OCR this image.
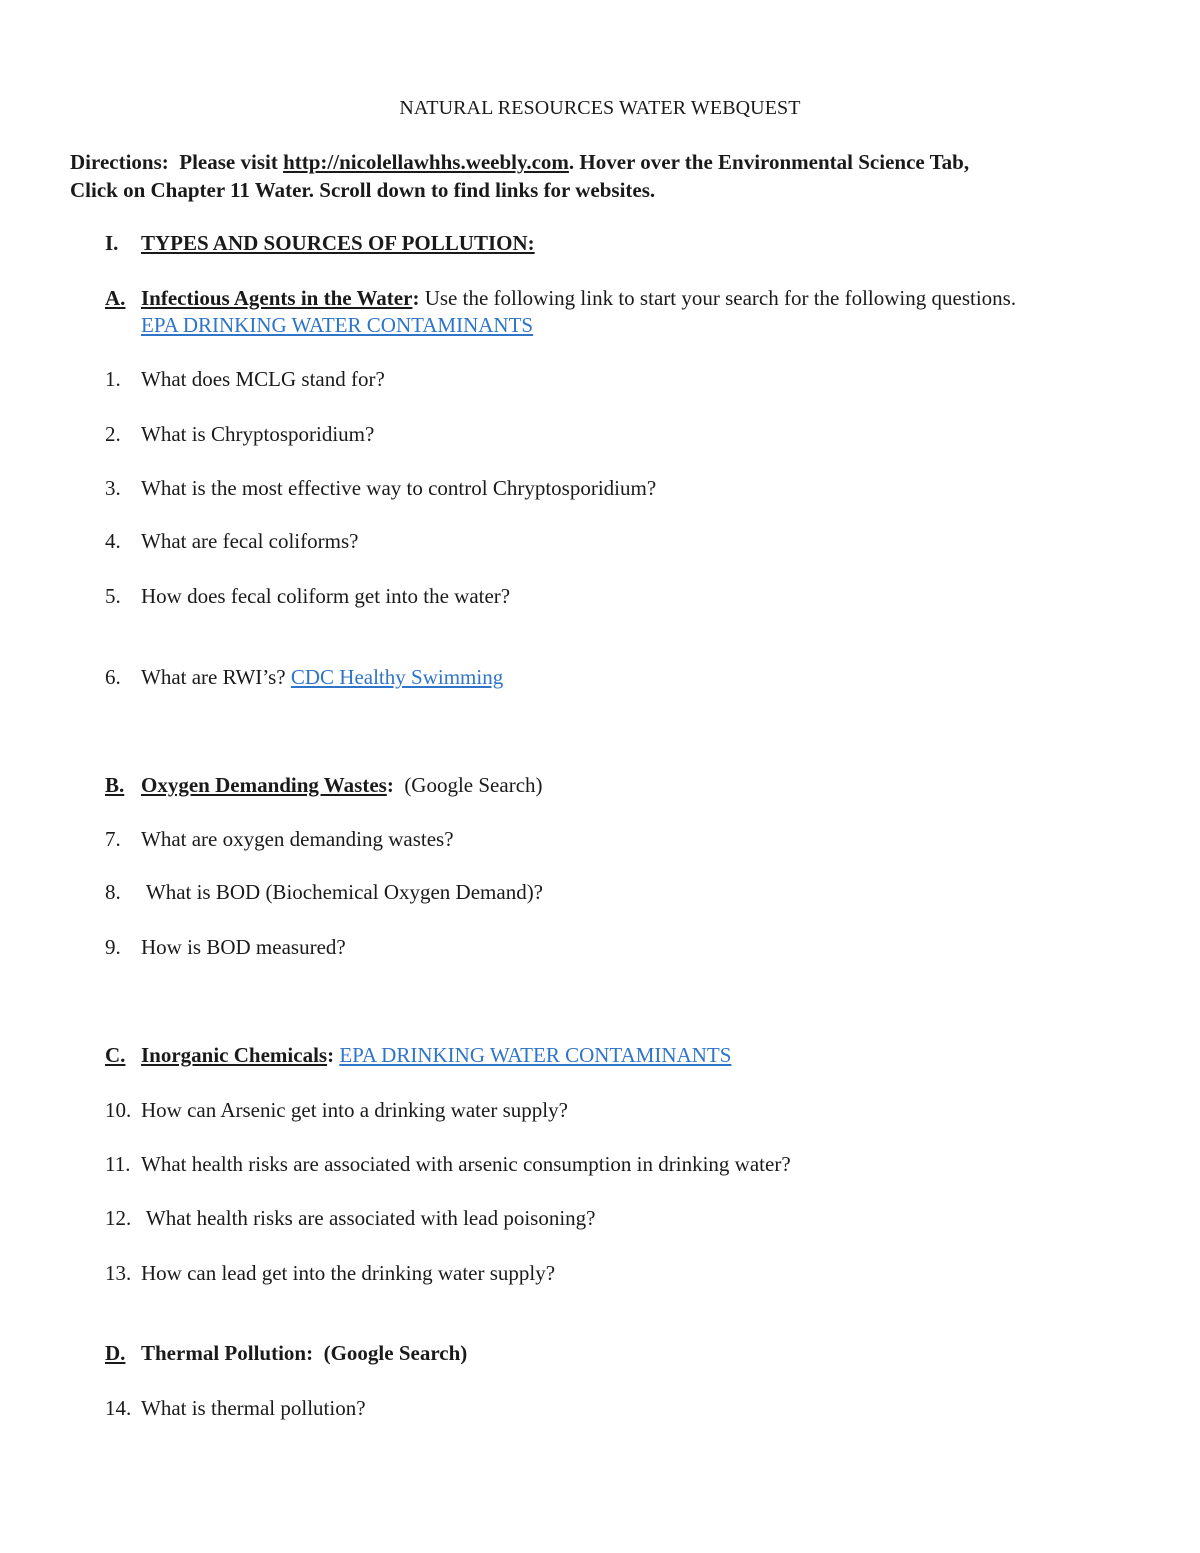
NATURAL RESOURCES WATER WEBQUEST
Directions: Please visit http://nicolellawhhs.weebly.com. Hover over the Environmental Science Tab,
Click on Chapter 11 Water. Scroll down to find links for websites.
I. TYPES AND SOURCES OF POLLUTION:
A. Infectious Agents in the Water: Use the following link to start your search for the following questions.
EPA DRINKING WATER CONTAMINANTS
1. What does MCLG stand for?
2. What is Chryptosporidium?
3. What is the most effective way to control Chryptosporidium?
4. What are fecal coliforms?
5. How does fecal coliform get into the water?
6. What are RWI’s? CDC Healthy Swimming
B. Oxygen Demanding Wastes:  (Google Search)
7. What are oxygen demanding wastes?
8. What is BOD (Biochemical Oxygen Demand)?
9. How is BOD measured?
C. Inorganic Chemicals: EPA DRINKING WATER CONTAMINANTS
10. How can Arsenic get into a drinking water supply?
11. What health risks are associated with arsenic consumption in drinking water?
12. What health risks are associated with lead poisoning?
13. How can lead get into the drinking water supply?
D. Thermal Pollution:  (Google Search)
14. What is thermal pollution?
